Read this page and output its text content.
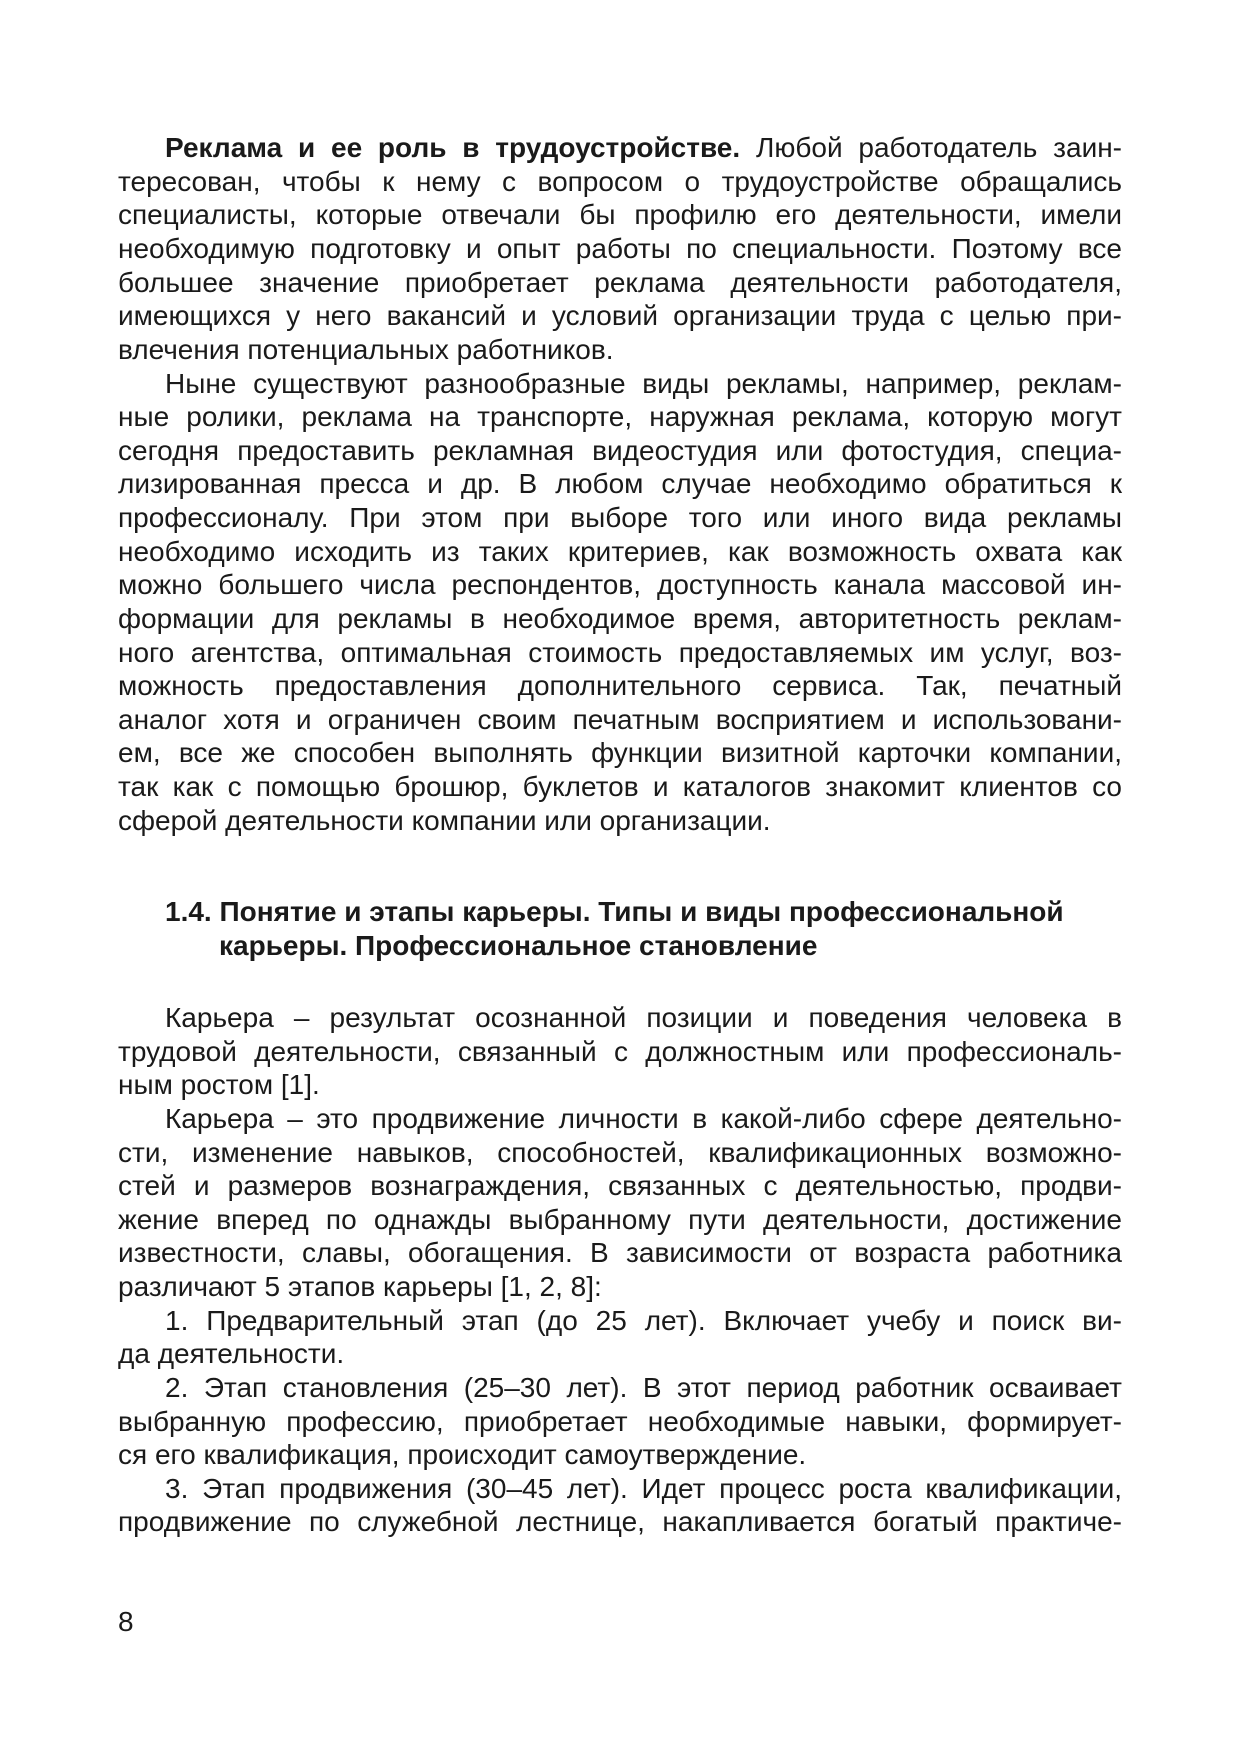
Реклама и ее роль в трудоустройстве. Любой работодатель заин-
тересован, чтобы к нему с вопросом о трудоустройстве обращались
специалисты, которые отвечали бы профилю его деятельности, имели
необходимую подготовку и опыт работы по специальности. Поэтому все
большее значение приобретает реклама деятельности работодателя,
имеющихся у него вакансий и условий организации труда с целью при-
влечения потенциальных работников.
Ныне существуют разнообразные виды рекламы, например, реклам-
ные ролики, реклама на транспорте, наружная реклама, которую могут
сегодня предоставить рекламная видеостудия или фотостудия, специа-
лизированная пресса и др. В любом случае необходимо обратиться к
профессионалу. При этом при выборе того или иного вида рекламы
необходимо исходить из таких критериев, как возможность охвата как
можно большего числа респондентов, доступность канала массовой ин-
формации для рекламы в необходимое время, авторитетность реклам-
ного агентства, оптимальная стоимость предоставляемых им услуг, воз-
можность предоставления дополнительного сервиса. Так, печатный
аналог хотя и ограничен своим печатным восприятием и использовани-
ем, все же способен выполнять функции визитной карточки компании,
так как с помощью брошюр, буклетов и каталогов знакомит клиентов со
сферой деятельности компании или организации.
1.4. Понятие и этапы карьеры. Типы и виды профессиональной
карьеры. Профессиональное становление
Карьера – результат осознанной позиции и поведения человека в
трудовой деятельности, связанный с должностным или профессиональ-
ным ростом [1].
Карьера – это продвижение личности в какой-либо сфере деятельно-
сти, изменение навыков, способностей, квалификационных возможно-
стей и размеров вознаграждения, связанных с деятельностью, продви-
жение вперед по однажды выбранному пути деятельности, достижение
известности, славы, обогащения. В зависимости от возраста работника
различают 5 этапов карьеры [1, 2, 8]:
1. Предварительный этап (до 25 лет). Включает учебу и поиск ви-
да деятельности.
2. Этап становления (25–30 лет). В этот период работник осваивает
выбранную профессию, приобретает необходимые навыки, формирует-
ся его квалификация, происходит самоутверждение.
3. Этап продвижения (30–45 лет). Идет процесс роста квалификации,
продвижение по служебной лестнице, накапливается богатый практиче-
8
